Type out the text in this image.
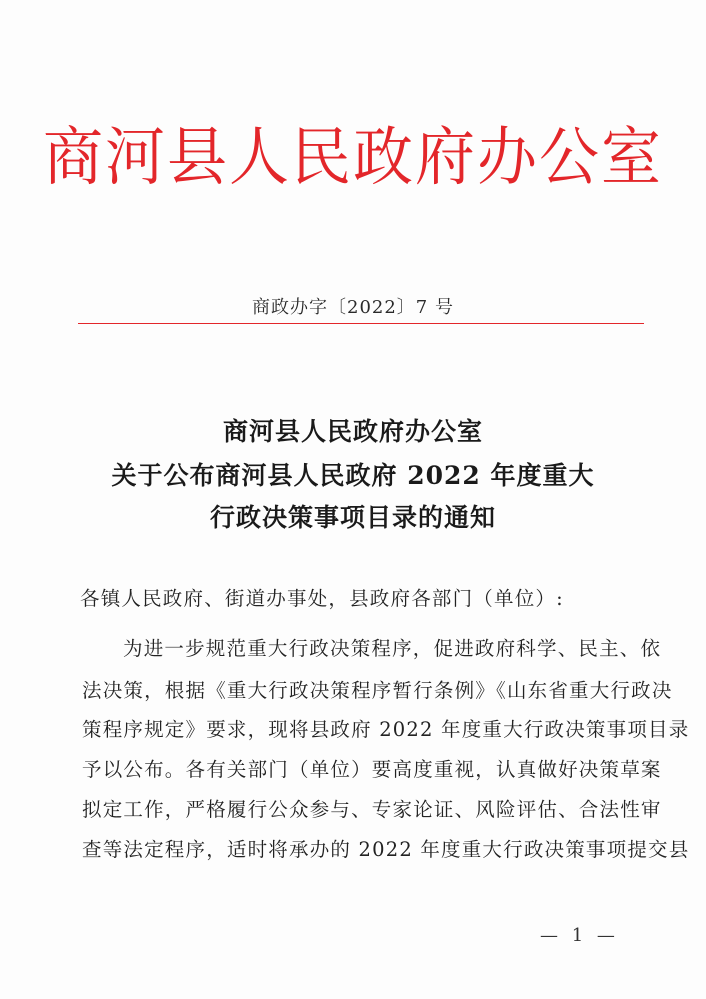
商河县人民政府办公室
商政办字〔2022〕7 号
商河县人民政府办公室
关于公布商河县人民政府 2022 年度重大
行政决策事项目录的通知
各镇人民政府、街道办事处，县政府各部门（单位）:
为进一步规范重大行政决策程序，促进政府科学、民主、依
法决策，根据《重大行政决策程序暂行条例》《山东省重大行政决
策程序规定》要求，现将县政府 2022 年度重大行政决策事项目录
予以公布。各有关部门（单位）要高度重视，认真做好决策草案
拟定工作，严格履行公众参与、专家论证、风险评估、合法性审
查等法定程序，适时将承办的 2022 年度重大行政决策事项提交县
— 1 —
